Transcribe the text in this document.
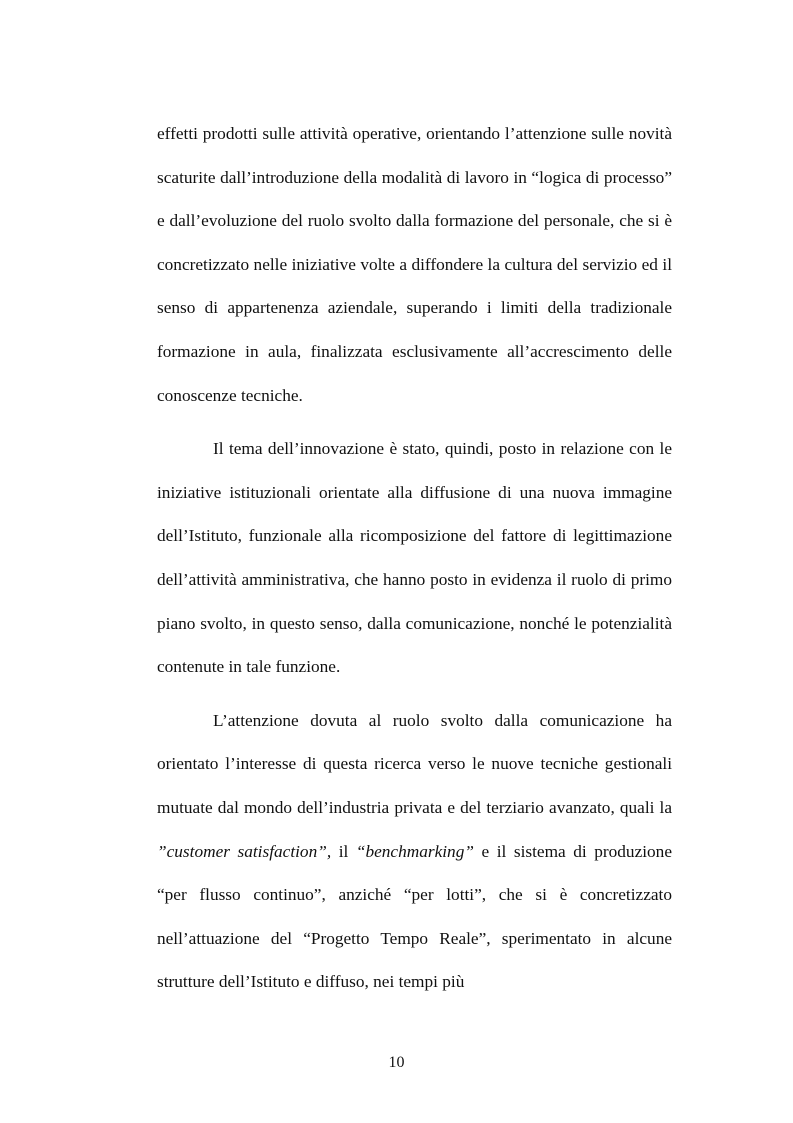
effetti prodotti sulle attività operative, orientando l’attenzione sulle novità scaturite dall’introduzione della modalità di lavoro in “logica di processo” e dall’evoluzione del ruolo svolto dalla formazione del personale, che si è concretizzato nelle iniziative volte a diffondere la cultura del servizio ed il senso di appartenenza aziendale, superando i limiti della tradizionale formazione in aula, finalizzata esclusivamente all’accrescimento delle conoscenze tecniche.

Il tema dell’innovazione è stato, quindi, posto in relazione con le iniziative istituzionali orientate alla diffusione di una nuova immagine dell’Istituto, funzionale alla ricomposizione del fattore di legittimazione dell’attività amministrativa, che hanno posto in evidenza il ruolo di primo piano svolto, in questo senso, dalla comunicazione, nonché le potenzialità contenute in tale funzione.

L’attenzione dovuta al ruolo svolto dalla comunicazione ha orientato l’interesse di questa ricerca verso le nuove tecniche gestionali mutuate dal mondo dell’industria privata e del terziario avanzato, quali la ”customer satisfaction”, il “benchmarking” e il sistema di produzione “per flusso continuo”, anziché “per lotti”, che si è concretizzato nell’attuazione del “Progetto Tempo Reale”, sperimentato in alcune strutture dell’Istituto e diffuso, nei tempi più

10
